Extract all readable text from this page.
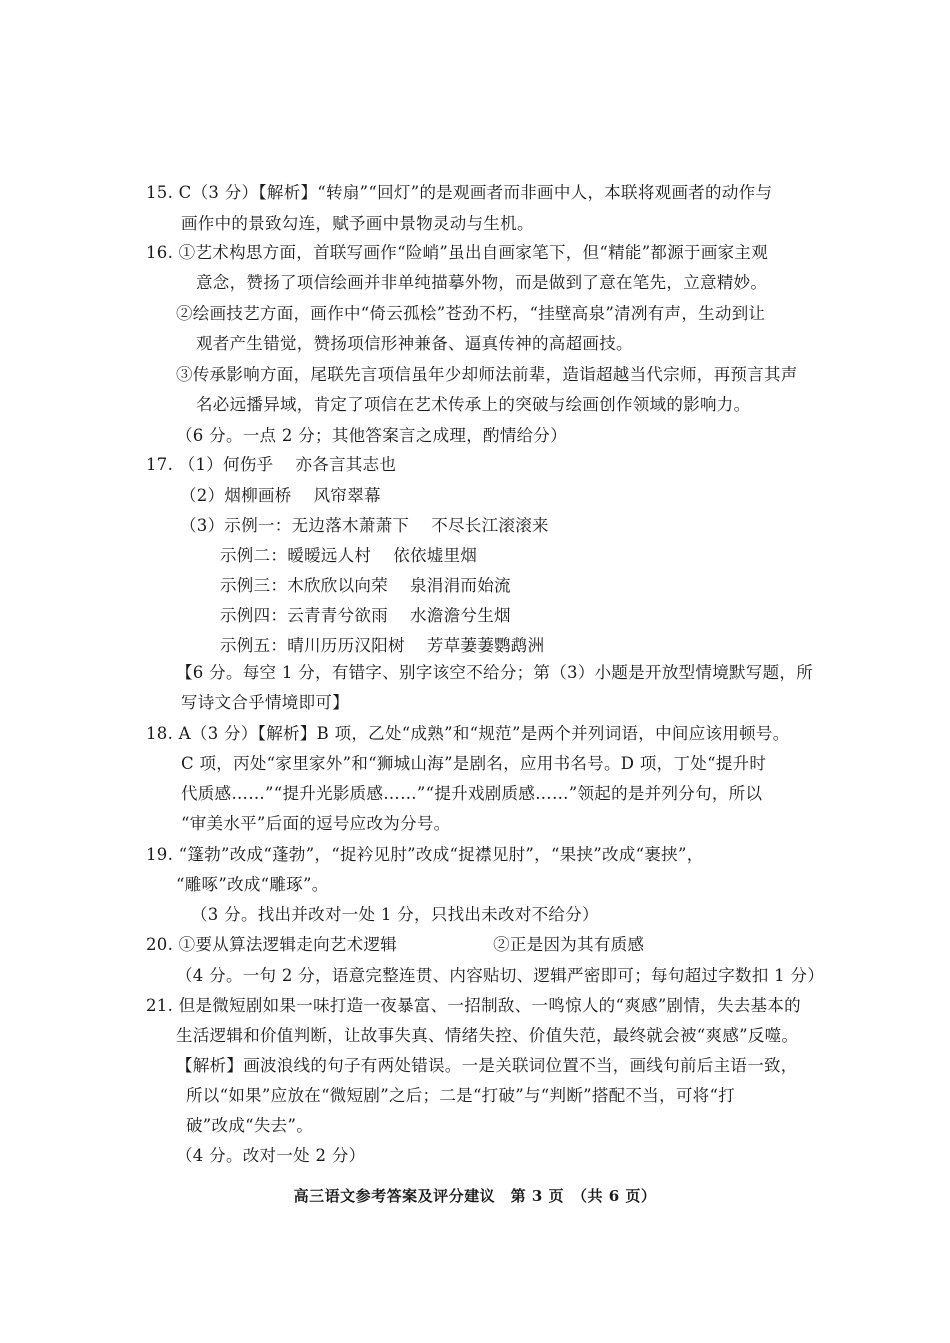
15. C（3 分）【解析】“转扇”“回灯”的是观画者而非画中人，本联将观画者的动作与
画作中的景致勾连，赋予画中景物灵动与生机。
16. ①艺术构思方面，首联写画作“险峭”虽出自画家笔下，但“精能”都源于画家主观
意念，赞扬了项信绘画并非单纯描摹外物，而是做到了意在笔先，立意精妙。
②绘画技艺方面，画作中“倚云孤桧”苍劲不朽，“挂壁高泉”清冽有声，生动到让
观者产生错觉，赞扬项信形神兼备、逼真传神的高超画技。
③传承影响方面，尾联先言项信虽年少却师法前辈，造诣超越当代宗师，再预言其声
名必远播异域，肯定了项信在艺术传承上的突破与绘画创作领域的影响力。
（6 分。一点 2 分；其他答案言之成理，酌情给分）
17. （1）何伤乎 亦各言其志也
（2）烟柳画桥 风帘翠幕
（3）示例一：无边落木萧萧下 不尽长江滚滚来
示例二：暧暧远人村 依依墟里烟
示例三：木欣欣以向荣 泉涓涓而始流
示例四：云青青兮欲雨 水澹澹兮生烟
示例五：晴川历历汉阳树 芳草萋萋鹦鹉洲
【6 分。每空 1 分，有错字、别字该空不给分；第（3）小题是开放型情境默写题，所
写诗文合乎情境即可】
18. A（3 分）【解析】B 项，乙处“成熟”和“规范”是两个并列词语，中间应该用顿号。
C 项，丙处“家里家外”和“狮城山海”是剧名，应用书名号。D 项，丁处“提升时
代质感……”“提升光影质感……”“提升戏剧质感……”领起的是并列分句，所以
“审美水平”后面的逗号应改为分号。
19. “篷勃”改成“蓬勃”，“捉衿见肘”改成“捉襟见肘”，“果挟”改成“裹挟”，
“雕啄”改成“雕琢”。
（3 分。找出并改对一处 1 分，只找出未改对不给分）
20. ①要从算法逻辑走向艺术逻辑	②正是因为其有质感
（4 分。一句 2 分，语意完整连贯、内容贴切、逻辑严密即可；每句超过字数扣 1 分）
21. 但是微短剧如果一味打造一夜暴富、一招制敌、一鸣惊人的“爽感”剧情，失去基本的
生活逻辑和价值判断，让故事失真、情绪失控、价值失范，最终就会被“爽感”反噬。
【解析】画波浪线的句子有两处错误。一是关联词位置不当，画线句前后主语一致，
所以“如果”应放在“微短剧”之后；二是“打破”与“判断”搭配不当，可将“打
破”改成“失去”。
（4 分。改对一处 2 分）
高三语文参考答案及评分建议　第 3 页　（共 6 页）
